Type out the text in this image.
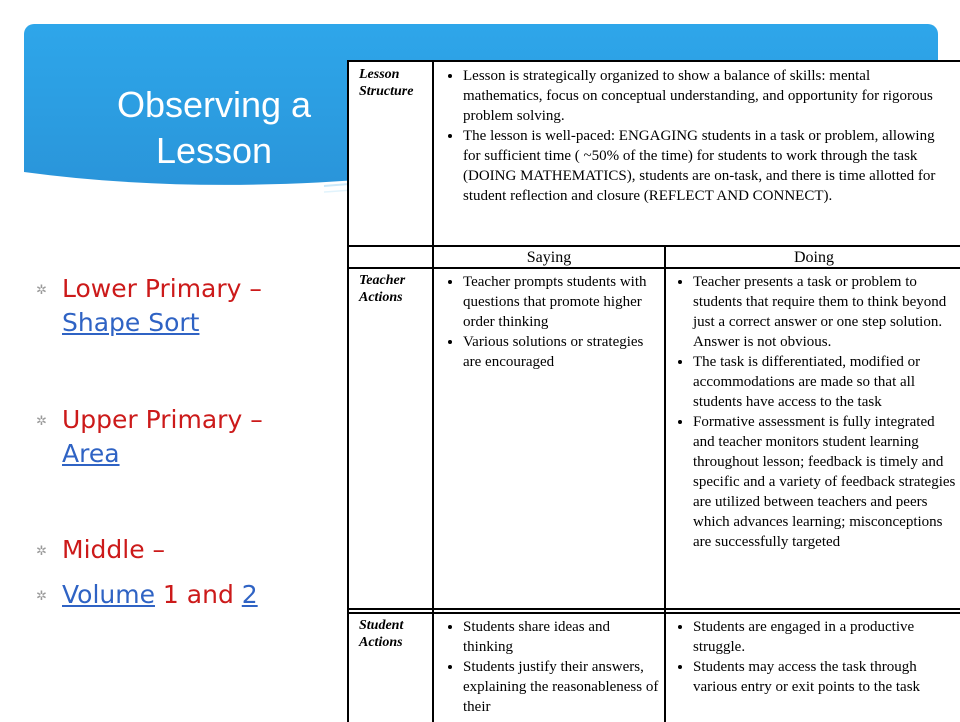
Observing a
Lesson
✲ Lower Primary –
Shape Sort
✲ Upper Primary –
Area
✲ Middle –
✲ Volume 1 and 2
Lesson
Structure
• Lesson is strategically organized to show a balance of skills: mental mathematics, focus on conceptual understanding, and opportunity for rigorous problem solving.
• The lesson is well-paced: ENGAGING students in a task or problem, allowing for sufficient time ( ~50% of the time) for students to work through the task (DOING MATHEMATICS), students are on-task, and there is time allotted for student reflection and closure (REFLECT AND CONNECT).
Saying	Doing
Teacher
Actions
• Teacher prompts students with questions that promote higher order thinking
• Various solutions or strategies are encouraged
• Teacher presents a task or problem to students that require them to think beyond just a correct answer or one step solution. Answer is not obvious.
• The task is differentiated, modified or accommodations are made so that all students have access to the task
• Formative assessment is fully integrated and teacher monitors student learning throughout lesson; feedback is timely and specific and a variety of feedback strategies are utilized between teachers and peers which advances learning; misconceptions are successfully targeted
Student
Actions
• Students share ideas and thinking
• Students justify their answers, explaining the reasonableness of their
• Students are engaged in a productive struggle.
• Students may access the task through various entry or exit points to the task
